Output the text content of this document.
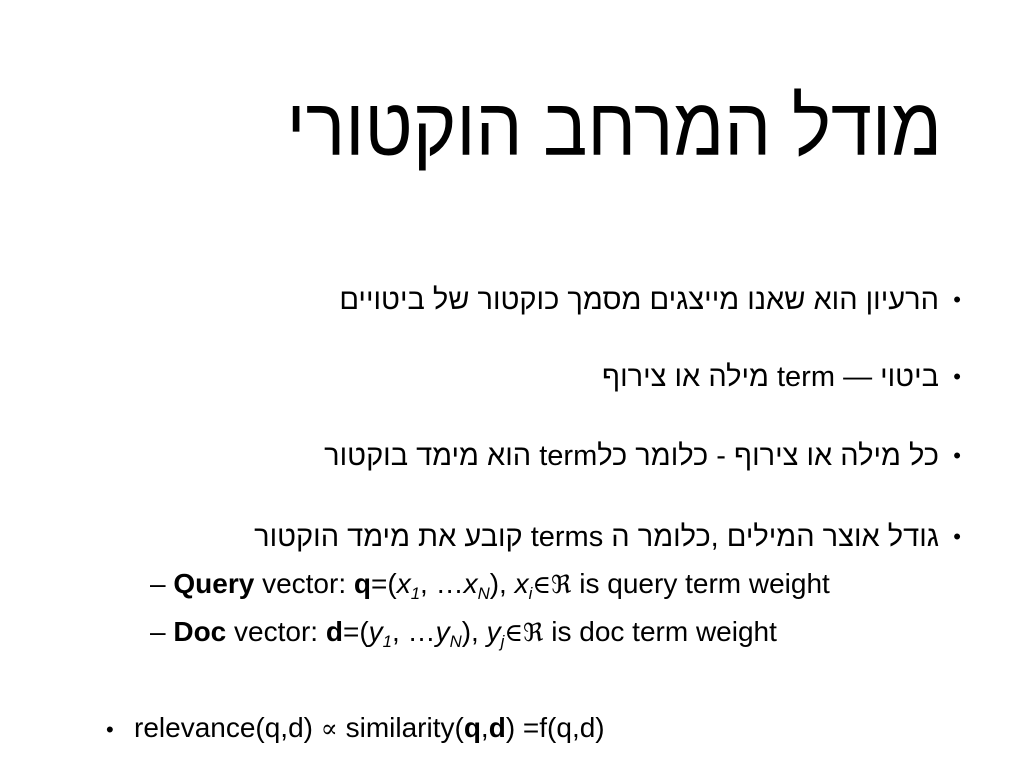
מודל המרחב הוקטורי
•
הרעיון הוא שאנו מייצגים מסמך כוקטור של ביטויים
•
ביטוי — term מילה או צירוף
•
כל מילה או צירוף - כלומר כלterm הוא מימד בוקטור
•
גודל אוצר המילים ,כלומר ה terms קובע את מימד הוקטור
– Query vector: $q=(x_1$, $\dots x_N$), $x_i\in ℜ$ is query term weight
– Doc vector: $d=(y_1$, $\dots y_N$), $y_j\in ℜ$ is doc term weight
• relevance(q,d) ∝ similarity(q,d) =f(q,d)
